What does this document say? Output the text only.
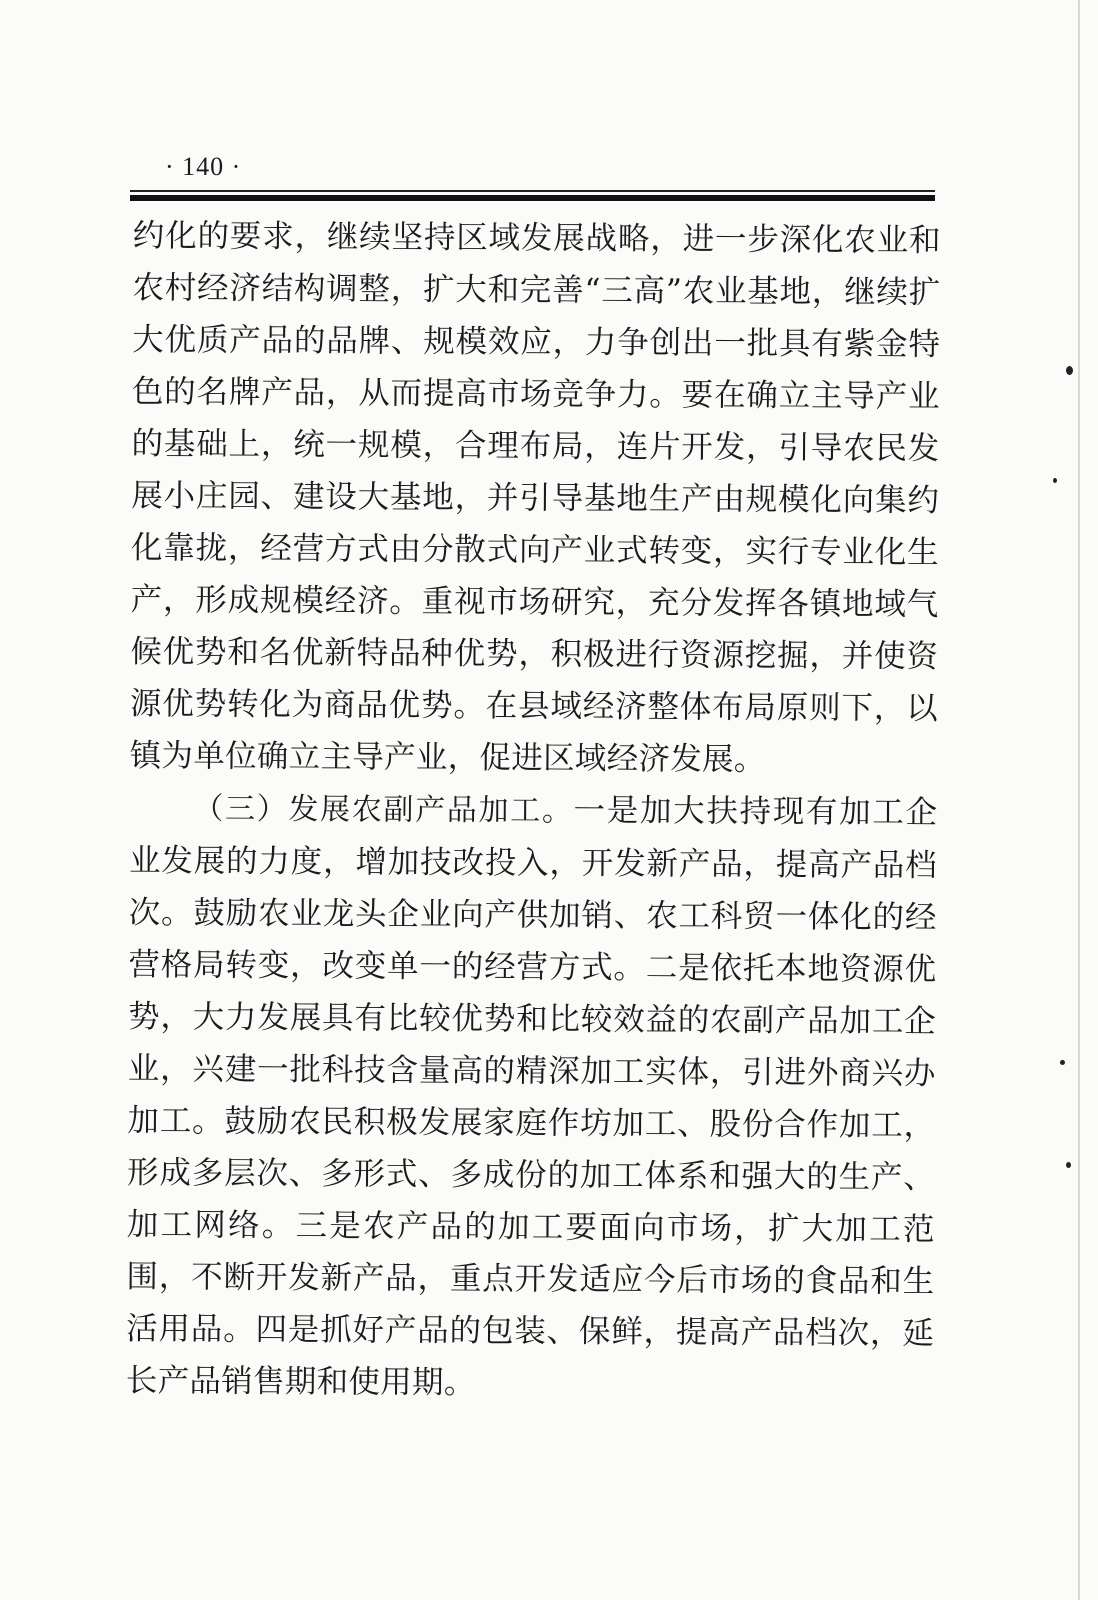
· 140 ·

约化的要求，继续坚持区域发展战略，进一步深化农业和农村经济结构调整，扩大和完善“三高”农业基地，继续扩大优质产品的品牌、规模效应，力争创出一批具有紫金特色的名牌产品，从而提高市场竞争力。要在确立主导产业的基础上，统一规模，合理布局，连片开发，引导农民发展小庄园、建设大基地，并引导基地生产由规模化向集约化靠拢，经营方式由分散式向产业式转变，实行专业化生产，形成规模经济。重视市场研究，充分发挥各镇地域气候优势和名优新特品种优势，积极进行资源挖掘，并使资源优势转化为商品优势。在县域经济整体布局原则下，以镇为单位确立主导产业，促进区域经济发展。

（三）发展农副产品加工。一是加大扶持现有加工企业发展的力度，增加技改投入，开发新产品，提高产品档次。鼓励农业龙头企业向产供加销、农工科贸一体化的经营格局转变，改变单一的经营方式。二是依托本地资源优势，大力发展具有比较优势和比较效益的农副产品加工企业，兴建一批科技含量高的精深加工实体，引进外商兴办加工。鼓励农民积极发展家庭作坊加工、股份合作加工，形成多层次、多形式、多成份的加工体系和强大的生产、加工网络。三是农产品的加工要面向市场，扩大加工范围，不断开发新产品，重点开发适应今后市场的食品和生活用品。四是抓好产品的包装、保鲜，提高产品档次，延长产品销售期和使用期。
